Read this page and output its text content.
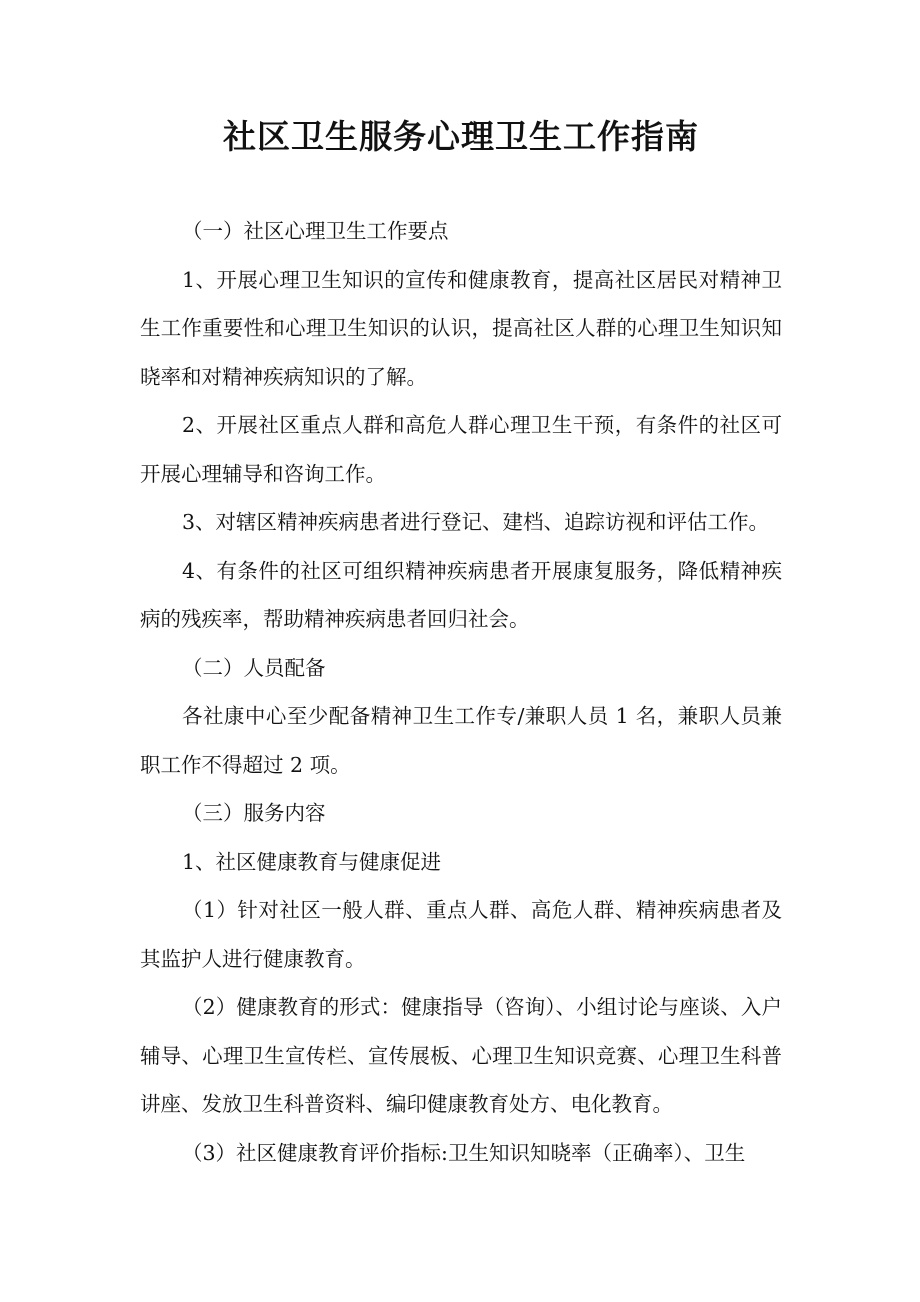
社区卫生服务心理卫生工作指南

（一）社区心理卫生工作要点

1、开展心理卫生知识的宣传和健康教育，提高社区居民对精神卫生工作重要性和心理卫生知识的认识，提高社区人群的心理卫生知识知晓率和对精神疾病知识的了解。

2、开展社区重点人群和高危人群心理卫生干预，有条件的社区可开展心理辅导和咨询工作。

3、对辖区精神疾病患者进行登记、建档、追踪访视和评估工作。

4、有条件的社区可组织精神疾病患者开展康复服务，降低精神疾病的残疾率，帮助精神疾病患者回归社会。

（二）人员配备

各社康中心至少配备精神卫生工作专/兼职人员 1 名，兼职人员兼职工作不得超过 2 项。

（三）服务内容

1、社区健康教育与健康促进

（1）针对社区一般人群、重点人群、高危人群、精神疾病患者及其监护人进行健康教育。

（2）健康教育的形式：健康指导（咨询）、小组讨论与座谈、入户辅导、心理卫生宣传栏、宣传展板、心理卫生知识竞赛、心理卫生科普讲座、发放卫生科普资料、编印健康教育处方、电化教育。

（3）社区健康教育评价指标:卫生知识知晓率（正确率）、卫生
